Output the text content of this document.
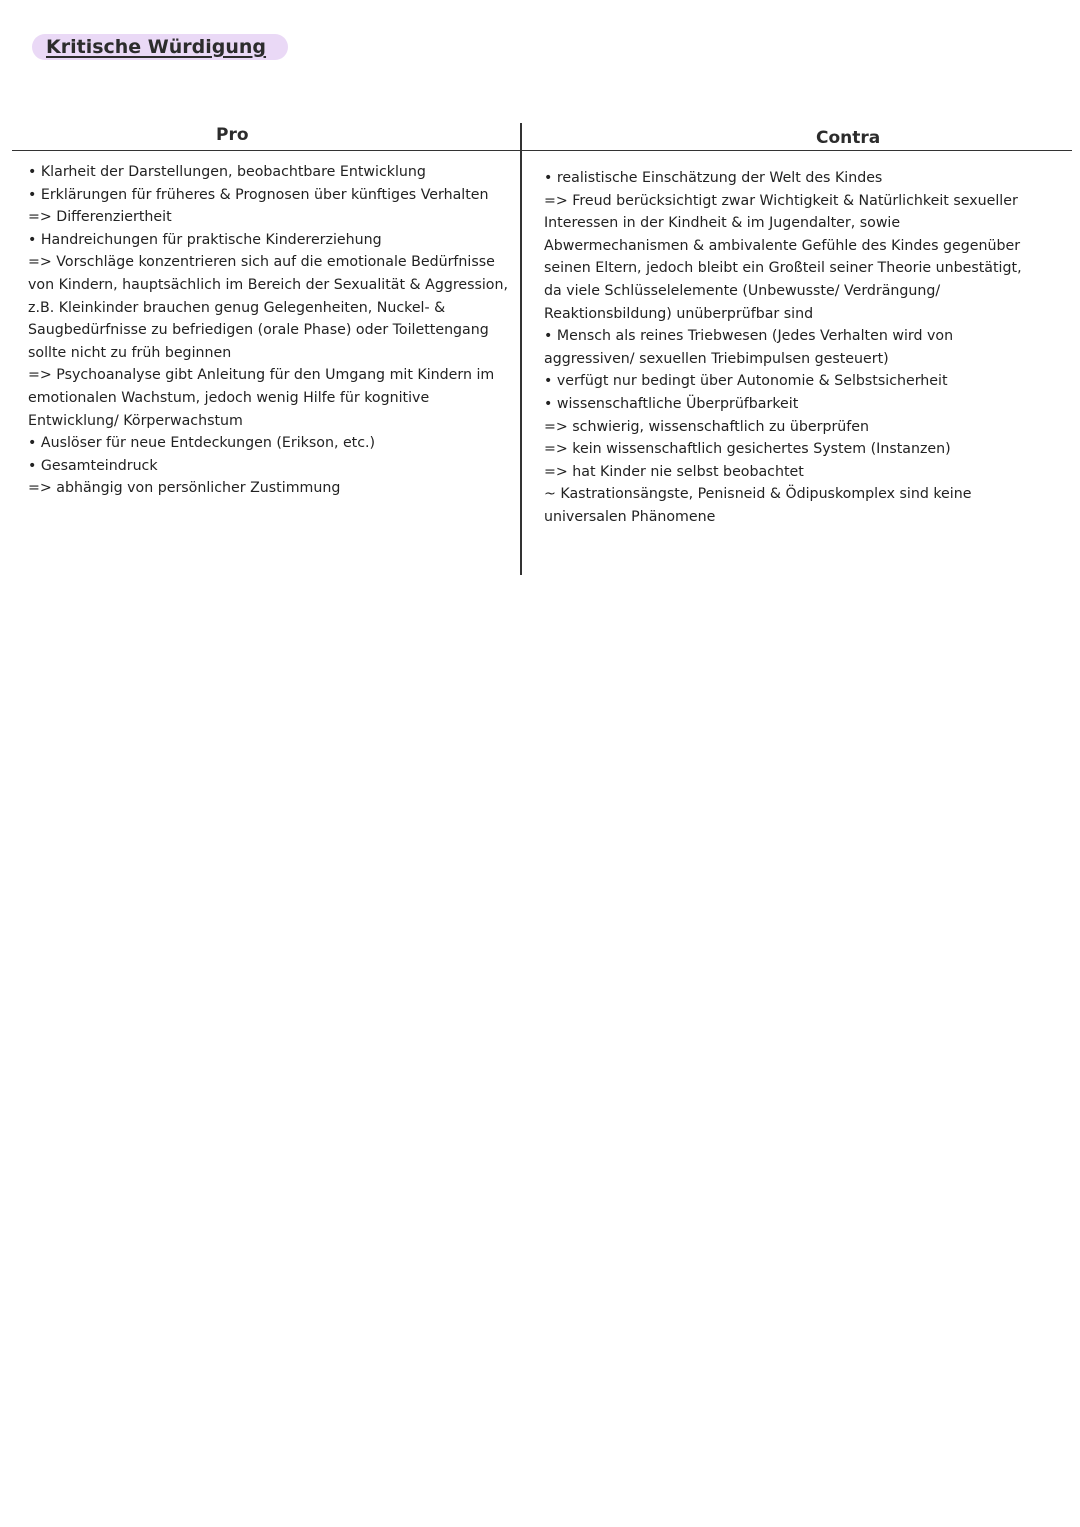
Kritische Würdigung
Pro	Contra
• Klarheit der Darstellungen, beobachtbare Entwicklung
• Erklärungen für früheres & Prognosen über künftiges Verhalten
=> Differenziertheit
• Handreichungen für praktische Kindererziehung
=> Vorschläge konzentrieren sich auf die emotionale Bedürfnisse
von Kindern, hauptsächlich im Bereich der Sexualität & Aggression,
z.B. Kleinkinder brauchen genug Gelegenheiten, Nuckel- &
Saugbedürfnisse zu befriedigen (orale Phase) oder Toilettengang
sollte nicht zu früh beginnen
=> Psychoanalyse gibt Anleitung für den Umgang mit Kindern im
emotionalen Wachstum, jedoch wenig Hilfe für kognitive
Entwicklung/ Körperwachstum
• Auslöser für neue Entdeckungen (Erikson, etc.)
• Gesamteindruck
=> abhängig von persönlicher Zustimmung
• realistische Einschätzung der Welt des Kindes
=> Freud berücksichtigt zwar Wichtigkeit & Natürlichkeit sexueller
Interessen in der Kindheit & im Jugendalter, sowie
Abwermechanismen & ambivalente Gefühle des Kindes gegenüber
seinen Eltern, jedoch bleibt ein Großteil seiner Theorie unbestätigt,
da viele Schlüsselelemente (Unbewusste/ Verdrängung/
Reaktionsbildung) unüberprüfbar sind
• Mensch als reines Triebwesen (Jedes Verhalten wird von
aggressiven/ sexuellen Triebimpulsen gesteuert)
• verfügt nur bedingt über Autonomie & Selbstsicherheit
• wissenschaftliche Überprüfbarkeit
=> schwierig, wissenschaftlich zu überprüfen
=> kein wissenschaftlich gesichertes System (Instanzen)
=> hat Kinder nie selbst beobachtet
~ Kastrationsängste, Penisneid & Ödipuskomplex sind keine
universalen Phänomene
